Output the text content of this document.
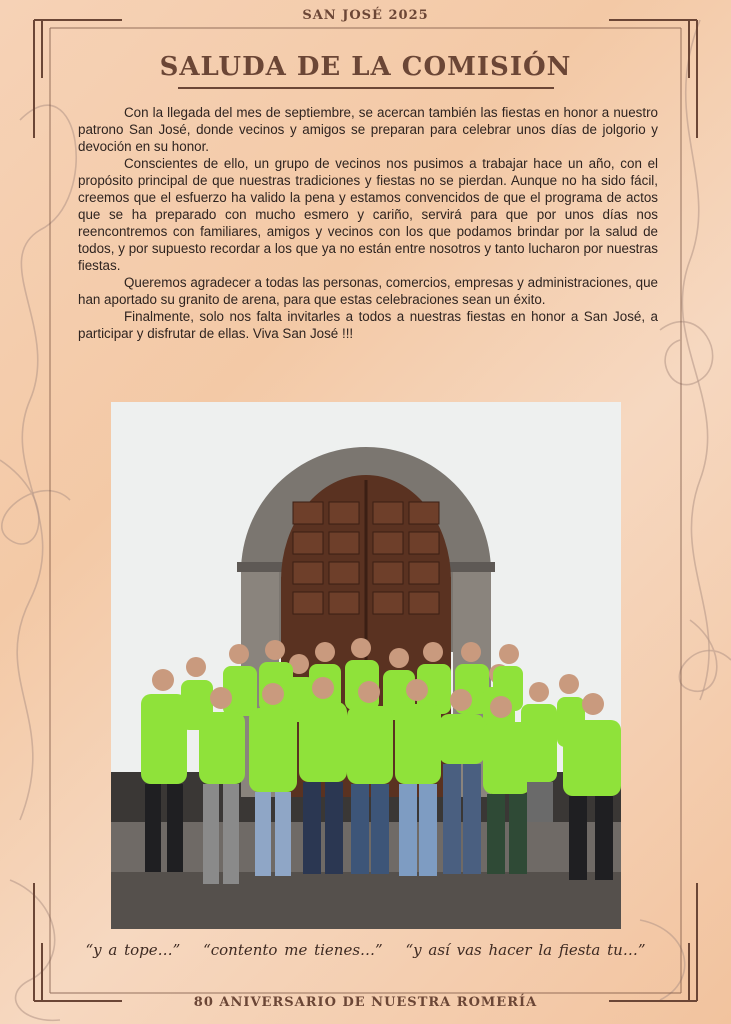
SAN JOSÉ 2025
SALUDA DE LA COMISIÓN

Con la llegada del mes de septiembre, se acercan también las fiestas en honor a nuestro patrono San José, donde vecinos y amigos se preparan para celebrar unos días de jolgorio y devoción en su honor.

Conscientes de ello, un grupo de vecinos nos pusimos a trabajar hace un año, con el propósito principal de que nuestras tradiciones y fiestas no se pierdan. Aunque no ha sido fácil, creemos que el esfuerzo ha valido la pena y estamos convencidos de que el programa de actos que se ha preparado con mucho esmero y cariño, servirá para que por unos días nos reencontremos con familiares, amigos y vecinos con los que podamos brindar por la salud de todos, y por supuesto recordar a los que ya no están entre nosotros y tanto lucharon por nuestras fiestas.

Queremos agradecer a todas las personas, comercios, empresas y administraciones, que han aportado su granito de arena, para que estas celebraciones sean un éxito.

Finalmente, solo nos falta invitarles a todos a nuestras fiestas en honor a San José, a participar y disfrutar de ellas. Viva San José !!!

“y a tope…” “contento me tienes…” “y así vas hacer la fiesta tu…”
80 ANIVERSARIO DE NUESTRA ROMERÍA
